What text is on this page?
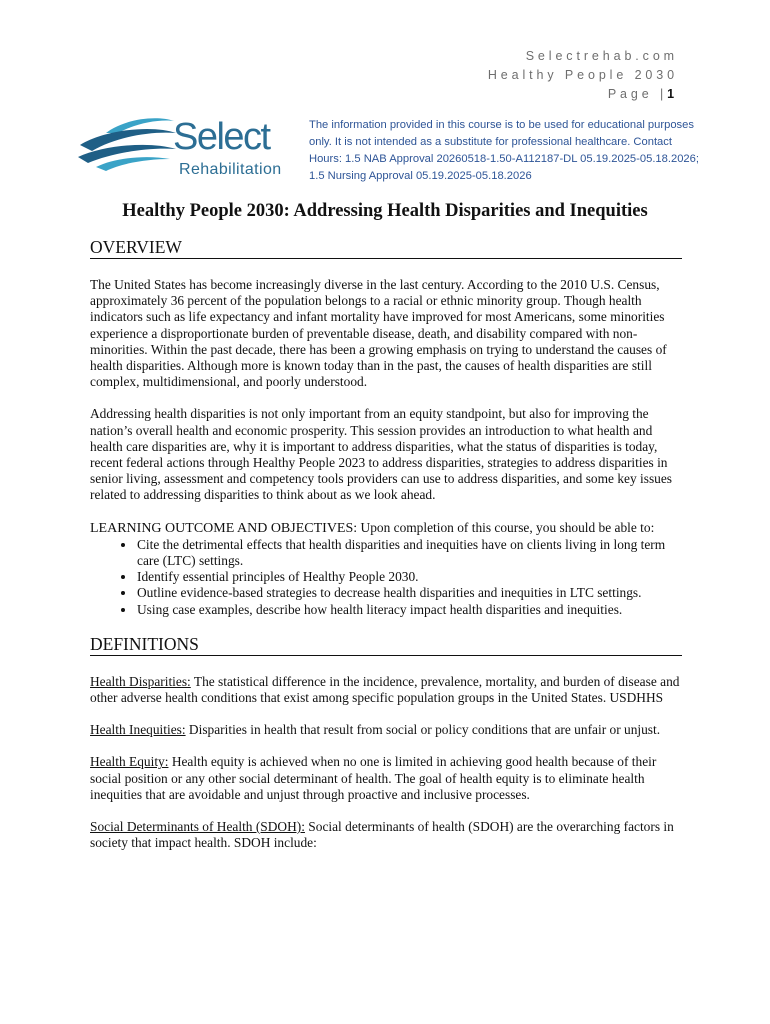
Selectrehab.com
Healthy People 2030
Page |1
Select
Rehabilitation
The information provided in this course is to be used for educational purposes only. It is not intended as a substitute for professional healthcare. Contact Hours: 1.5 NAB Approval 20260518-1.50-A112187-DL 05.19.2025-05.18.2026; 1.5 Nursing Approval 05.19.2025-05.18.2026
Healthy People 2030: Addressing Health Disparities and Inequities
OVERVIEW

The United States has become increasingly diverse in the last century. According to the 2010 U.S. Census, approximately 36 percent of the population belongs to a racial or ethnic minority group. Though health indicators such as life expectancy and infant mortality have improved for most Americans, some minorities experience a disproportionate burden of preventable disease, death, and disability compared with non-minorities. Within the past decade, there has been a growing emphasis on trying to understand the causes of health disparities. Although more is known today than in the past, the causes of health disparities are still complex, multidimensional, and poorly understood.

Addressing health disparities is not only important from an equity standpoint, but also for improving the nation’s overall health and economic prosperity. This session provides an introduction to what health and health care disparities are, why it is important to address disparities, what the status of disparities is today, recent federal actions through Healthy People 2023 to address disparities, strategies to address disparities in senior living, assessment and competency tools providers can use to address disparities, and some key issues related to addressing disparities to think about as we look ahead.

LEARNING OUTCOME AND OBJECTIVES: Upon completion of this course, you should be able to:

• Cite the detrimental effects that health disparities and inequities have on clients living in long term care (LTC) settings.
• Identify essential principles of Healthy People 2030.
• Outline evidence-based strategies to decrease health disparities and inequities in LTC settings.
• Using case examples, describe how health literacy impact health disparities and inequities.
DEFINITIONS

Health Disparities: The statistical difference in the incidence, prevalence, mortality, and burden of disease and other adverse health conditions that exist among specific population groups in the United States. USDHHS

Health Inequities: Disparities in health that result from social or policy conditions that are unfair or unjust.

Health Equity: Health equity is achieved when no one is limited in achieving good health because of their social position or any other social determinant of health. The goal of health equity is to eliminate health inequities that are avoidable and unjust through proactive and inclusive processes.

Social Determinants of Health (SDOH): Social determinants of health (SDOH) are the overarching factors in society that impact health. SDOH include:
